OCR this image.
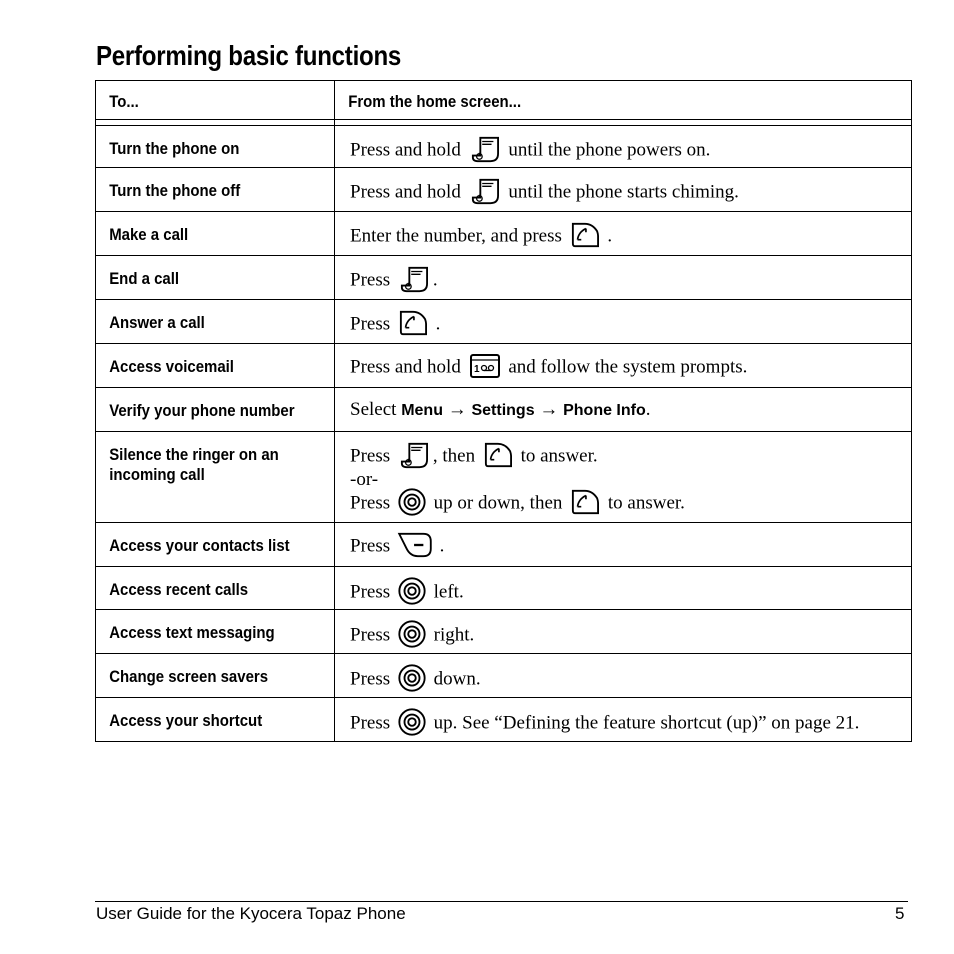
Performing basic functions
To...	From the home screen...

Turn the phone on	Press and hold until the phone powers on.

Turn the phone off	Press and hold until the phone starts chiming.

Make a call	Enter the number, and press .

End a call	Press .

Answer a call	Press .

Access voicemail	Press and hold and follow the system prompts.

Verify your phone number	Select Menu → Settings → Phone Info.

Silence the ringer on an incoming call	Press , then to answer.
-or-
Press up or down, then to answer.

Access your contacts list	Press .

Access recent calls	Press left.

Access text messaging	Press right.

Change screen savers	Press down.

Access your shortcut	Press up. See “Defining the feature shortcut (up)” on page 21.
User Guide for the Kyocera Topaz Phone	5
